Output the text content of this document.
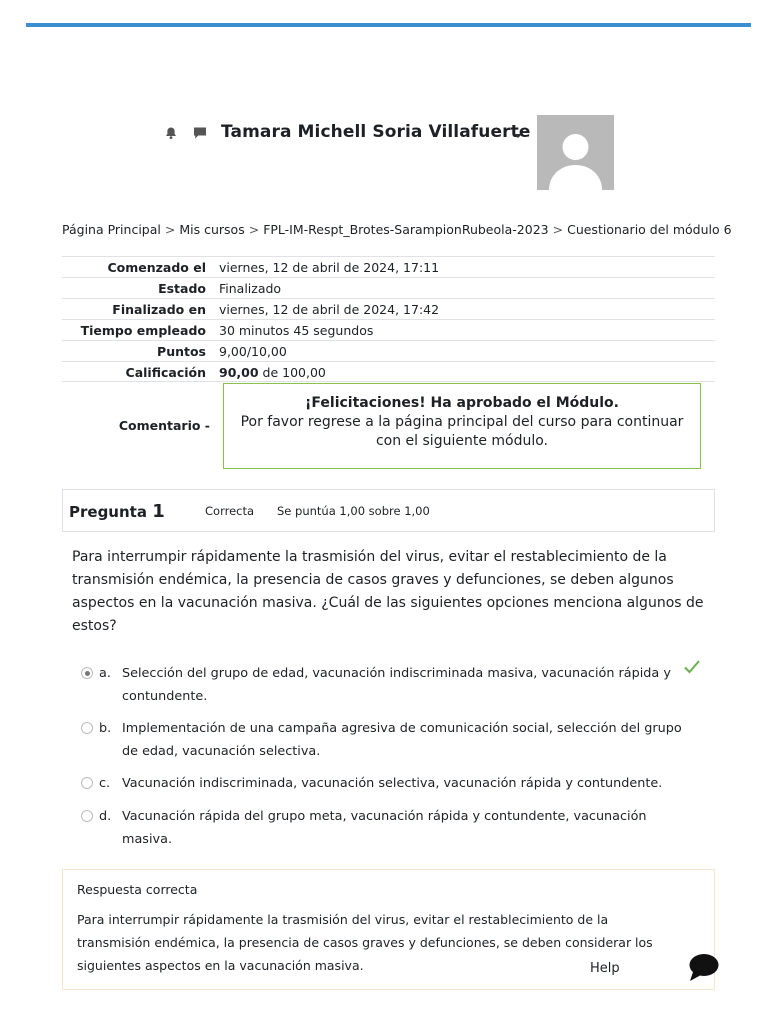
Tamara Michell Soria Villafuerte
Página Principal > Mis cursos > FPL-IM-Respt_Brotes-SarampionRubeola-2023 > Cuestionario del módulo 6
Comenzado el	viernes, 12 de abril de 2024, 17:11
Estado	Finalizado
Finalizado en	viernes, 12 de abril de 2024, 17:42
Tiempo empleado	30 minutos 45 segundos
Puntos	9,00/10,00
Calificación	90,00 de 100,00
Comentario -
¡Felicitaciones! Ha aprobado el Módulo.
Por favor regrese a la página principal del curso para continuar con el siguiente módulo.
Pregunta 1	Correcta Se puntúa 1,00 sobre 1,00
Para interrumpir rápidamente la trasmisión del virus, evitar el restablecimiento de la transmisión endémica, la presencia de casos graves y defunciones, se deben algunos aspectos en la vacunación masiva. ¿Cuál de las siguientes opciones menciona algunos de estos?
a. Selección del grupo de edad, vacunación indiscriminada masiva, vacunación rápida y contundente.
b. Implementación de una campaña agresiva de comunicación social, selección del grupo de edad, vacunación selectiva.
c. Vacunación indiscriminada, vacunación selectiva, vacunación rápida y contundente.
d. Vacunación rápida del grupo meta, vacunación rápida y contundente, vacunación masiva.
Respuesta correcta
Para interrumpir rápidamente la trasmisión del virus, evitar el restablecimiento de la transmisión endémica, la presencia de casos graves y defunciones, se deben considerar los siguientes aspectos en la vacunación masiva.	Help
